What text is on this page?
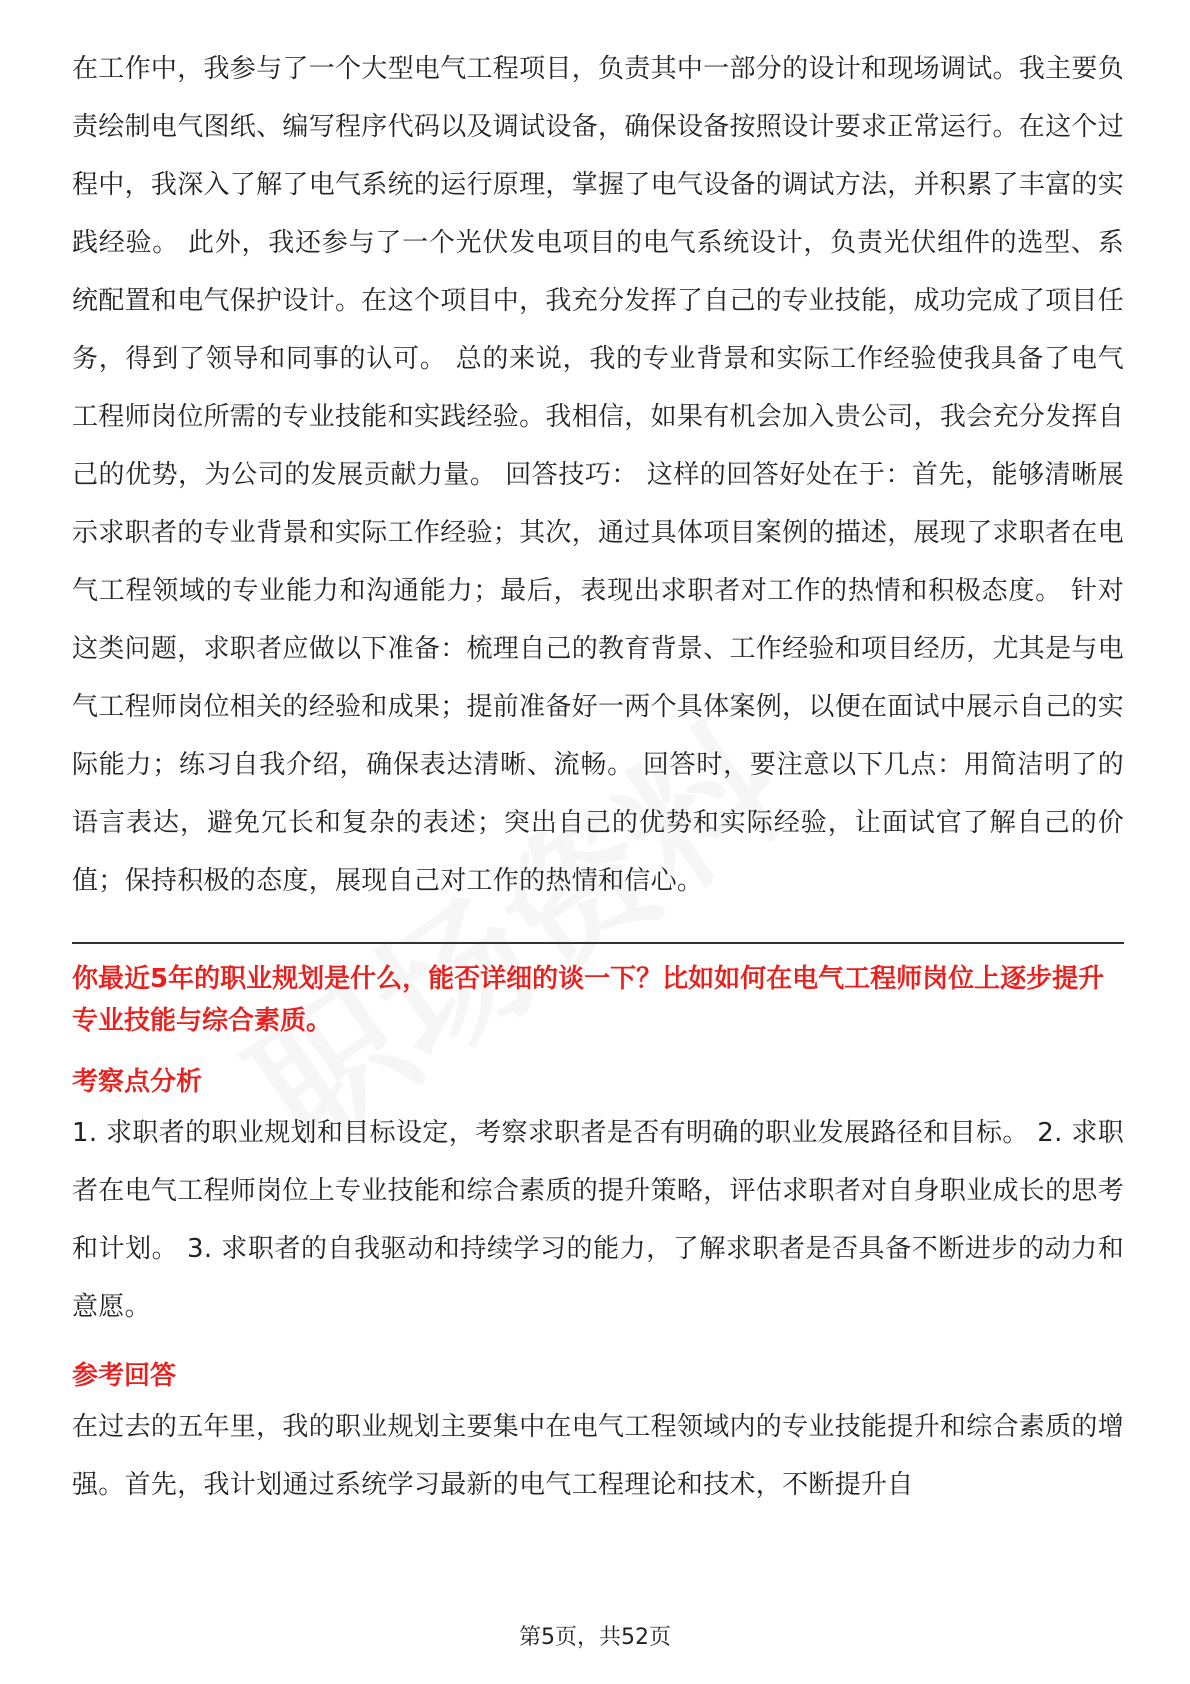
在工作中，我参与了一个大型电气工程项目，负责其中一部分的设计和现场调试。我主要负责绘制电气图纸、编写程序代码以及调试设备，确保设备按照设计要求正常运行。在这个过程中，我深入了解了电气系统的运行原理，掌握了电气设备的调试方法，并积累了丰富的实践经验。 此外，我还参与了一个光伏发电项目的电气系统设计，负责光伏组件的选型、系统配置和电气保护设计。在这个项目中，我充分发挥了自己的专业技能，成功完成了项目任务，得到了领导和同事的认可。 总的来说，我的专业背景和实际工作经验使我具备了电气工程师岗位所需的专业技能和实践经验。我相信，如果有机会加入贵公司，我会充分发挥自己的优势，为公司的发展贡献力量。 回答技巧： 这样的回答好处在于：首先，能够清晰展示求职者的专业背景和实际工作经验；其次，通过具体项目案例的描述，展现了求职者在电气工程领域的专业能力和沟通能力；最后，表现出求职者对工作的热情和积极态度。 针对这类问题，求职者应做以下准备：梳理自己的教育背景、工作经验和项目经历，尤其是与电气工程师岗位相关的经验和成果；提前准备好一两个具体案例，以便在面试中展示自己的实际能力；练习自我介绍，确保表达清晰、流畅。 回答时，要注意以下几点：用简洁明了的语言表达，避免冗长和复杂的表述；突出自己的优势和实际经验，让面试官了解自己的价值；保持积极的态度，展现自己对工作的热情和信心。

你最近5年的职业规划是什么，能否详细的谈一下？比如如何在电气工程师岗位上逐步提升专业技能与综合素质。

考察点分析

1. 求职者的职业规划和目标设定，考察求职者是否有明确的职业发展路径和目标。 2. 求职者在电气工程师岗位上专业技能和综合素质的提升策略，评估求职者对自身职业成长的思考和计划。 3. 求职者的自我驱动和持续学习的能力，了解求职者是否具备不断进步的动力和意愿。

参考回答

在过去的五年里，我的职业规划主要集中在电气工程领域内的专业技能提升和综合素质的增强。首先，我计划通过系统学习最新的电气工程理论和技术，不断提升自

第5页，共52页
